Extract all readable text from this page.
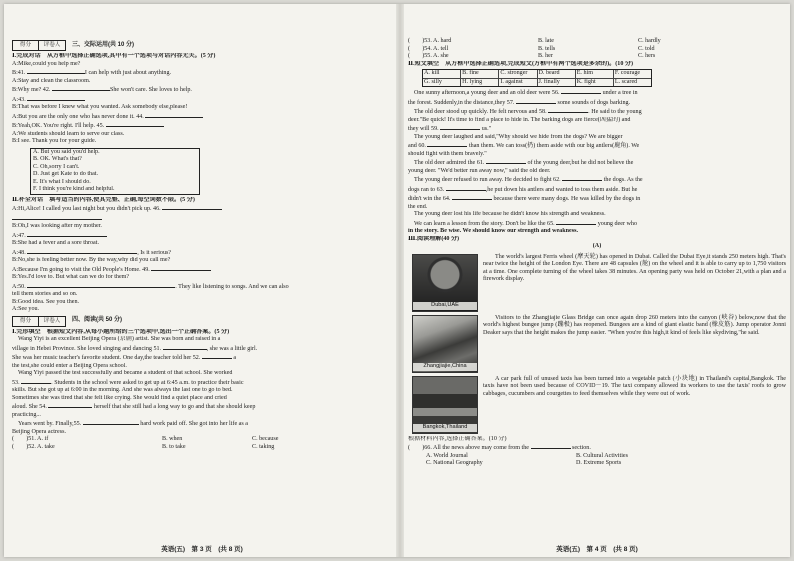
得分	评卷人	三、交际运用(共 10 分)
Ⅰ.完成对话　从方框中选择正确选项,其中有一个选项与对话内容无关。(5 分)
A:Mike,could you help me?
B:41.	I can help with just about anything.
A:Stay and clean the classroom.
B:Why me? 42.	She won't care. She loves to help.
A:43.
B:That was before I knew what you wanted. Ask somebody else,please!
A:But you are the only one who has never done it. 44.
B:Yeah,OK. You're right. I'll help. 45.
A:We students should learn to serve our class.
B:I see. Thank you for your guide.
A. But you said you'd help.
B. OK. What's that?
C. Oh,sorry I can't.
D. Just get Kate to do that.
E. It's what I should do.
F. I think you're kind and helpful.
Ⅱ.补全对话　填写适当的内容,使其完整、正确,每空词数不限。(5 分)
A:Hi,Alice! I called you last night but you didn't pick up. 46.
B:Oh,I was looking after my mother.
A:47.
B:She had a fever and a sore throat.
A:48.	, Is it serious?
B:No,she is feeling better now. By the way,why did you call me?
A:Because I'm going to visit the Old People's Home. 49.
B:Yes.I'd love to. But what can we do for them?
A:50.	. They like listening to songs. And we can also
tell them stories and so on.
B:Good idea. See you then.
A:See you.
得分	评卷人	四、阅读(共 50 分)
Ⅰ.完形填空　根据短文内容,从每小题所给的三个选项中,选出一个正确答案。(5 分)
Wang Yiyi is an excellent Beijing Opera (京剧) artist. She was born and raised in a
village in Hebei Province. She loved singing and dancing 51.	, she was a little girl.
She was her music teacher's favorite student. One day,the teacher told her 52.	a
the test,she could enter a Beijing Opera school.
Wang Yiyi passed the test successfully and became a student of that school. She worked
53.	. Students in the school were asked to get up at 6:45 a.m. to practice their basic
skills. But she got up at 6:00 in the morning. And she was always the last one to go to bed.
Sometimes she was tired that she felt like crying. She would find a quiet place and cried
aloud. She 54.	herself that she still had a long way to go and that she should keep
practicing...
Years went by. Finally,55.	hard work paid off. She got into her life as a
Beijing Opera actress.
(　　)51. A. if	B. when	C. because
(　　)52. A. take	B. to take	C. taking
英语(五)　第 3 页　(共 8 页)
(　　)53. A. hard	B. late	C. hardly
(　　)54. A. tell	B. tells	C. told
(　　)55. A. she	B. her	C. hers
Ⅱ.短文填空　从方框中选择正确选项,完成短文(方框中有两个选项是多余的)。(10 分)
A. kill	B. fine	C. stronger	D. beard	E. him	F. courage
G. silly	H. lying	I. against	J. finally	K. fight	L. scared
One sunny afternoon,a young deer and an old deer were 56.	under a tree in
the forest. Suddenly,in the distance,they 57.	some sounds of dogs barking.
The old deer stood up quickly. He felt nervous and 58.	. He said to the young
deer."Be quick! It's time to find a place to hide in. The barking dogs are fierce(凶猛的) and
they will 59.	us."
The young deer laughed and said,"Why should we hide from the dogs? We are bigger
and 60.	than them. We can toss(扔) them aside with our big antlers(鹿角). We
should fight with them bravely."
The old deer admired the 61.	of the young deer,but he did not believe the
young deer. "We'd better run away now," said the old deer.
The young deer refused to run away. He decided to fight 62.	the dogs. As the
dogs ran to 63.	,he put down his antlers and wanted to toss them aside. But he
didn't win the 64.	because there were many dogs. He was killed by the dogs in
the end.
The young deer lost his life because he didn't know his strength and weakness.
We can learn a lesson from the story. Don't be like the 65.	young deer who
in the story. Be wise. We should know our strength and weakness.
Ⅲ.阅读理解(40 分)
(A)
Dubai,UAE
The world's largest Ferris wheel (摩天轮) has opened in Dubai. Called the Dubai Eye,it stands 250 meters high. That's near twice the height of the London Eye. There are 48 capsules (舱) on the wheel and it is able to carry up to 1,750 visitors at a time. One complete turning of the wheel takes 38 minutes. An opening party was held on October 21,with a plan and a firework display.
Zhangjiajie,China
Visitors to the Zhangjiajie Glass Bridge can once again drop 260 meters into the canyon (峡谷) below,now that the world's highest bungee jump (蹦极) has reopened. Bungees are a kind of giant elastic band (橡皮筋). Jump operator Jonni Deaker says that the height makes the jump easier. "When you're this high,it kind of feels like skydiving,"he said.
Bangkok,Thailand
A car park full of unused taxis has been turned into a vegetable patch (小块地) in Thailand's capital,Bangkok. The taxis have not been used because of COVID－19. The taxi company allowed its workers to use the taxis' roofs to grow cabbages, cucumbers and courgettes to feed themselves while they were out of work.
根据材料内容,选择正确答案。(10 分)
(　　)66. All the news above may come from the	section.
A. World Journal	B. Cultural Activities
C. National Geography	D. Extreme Sports
英语(五)　第 4 页　(共 8 页)
